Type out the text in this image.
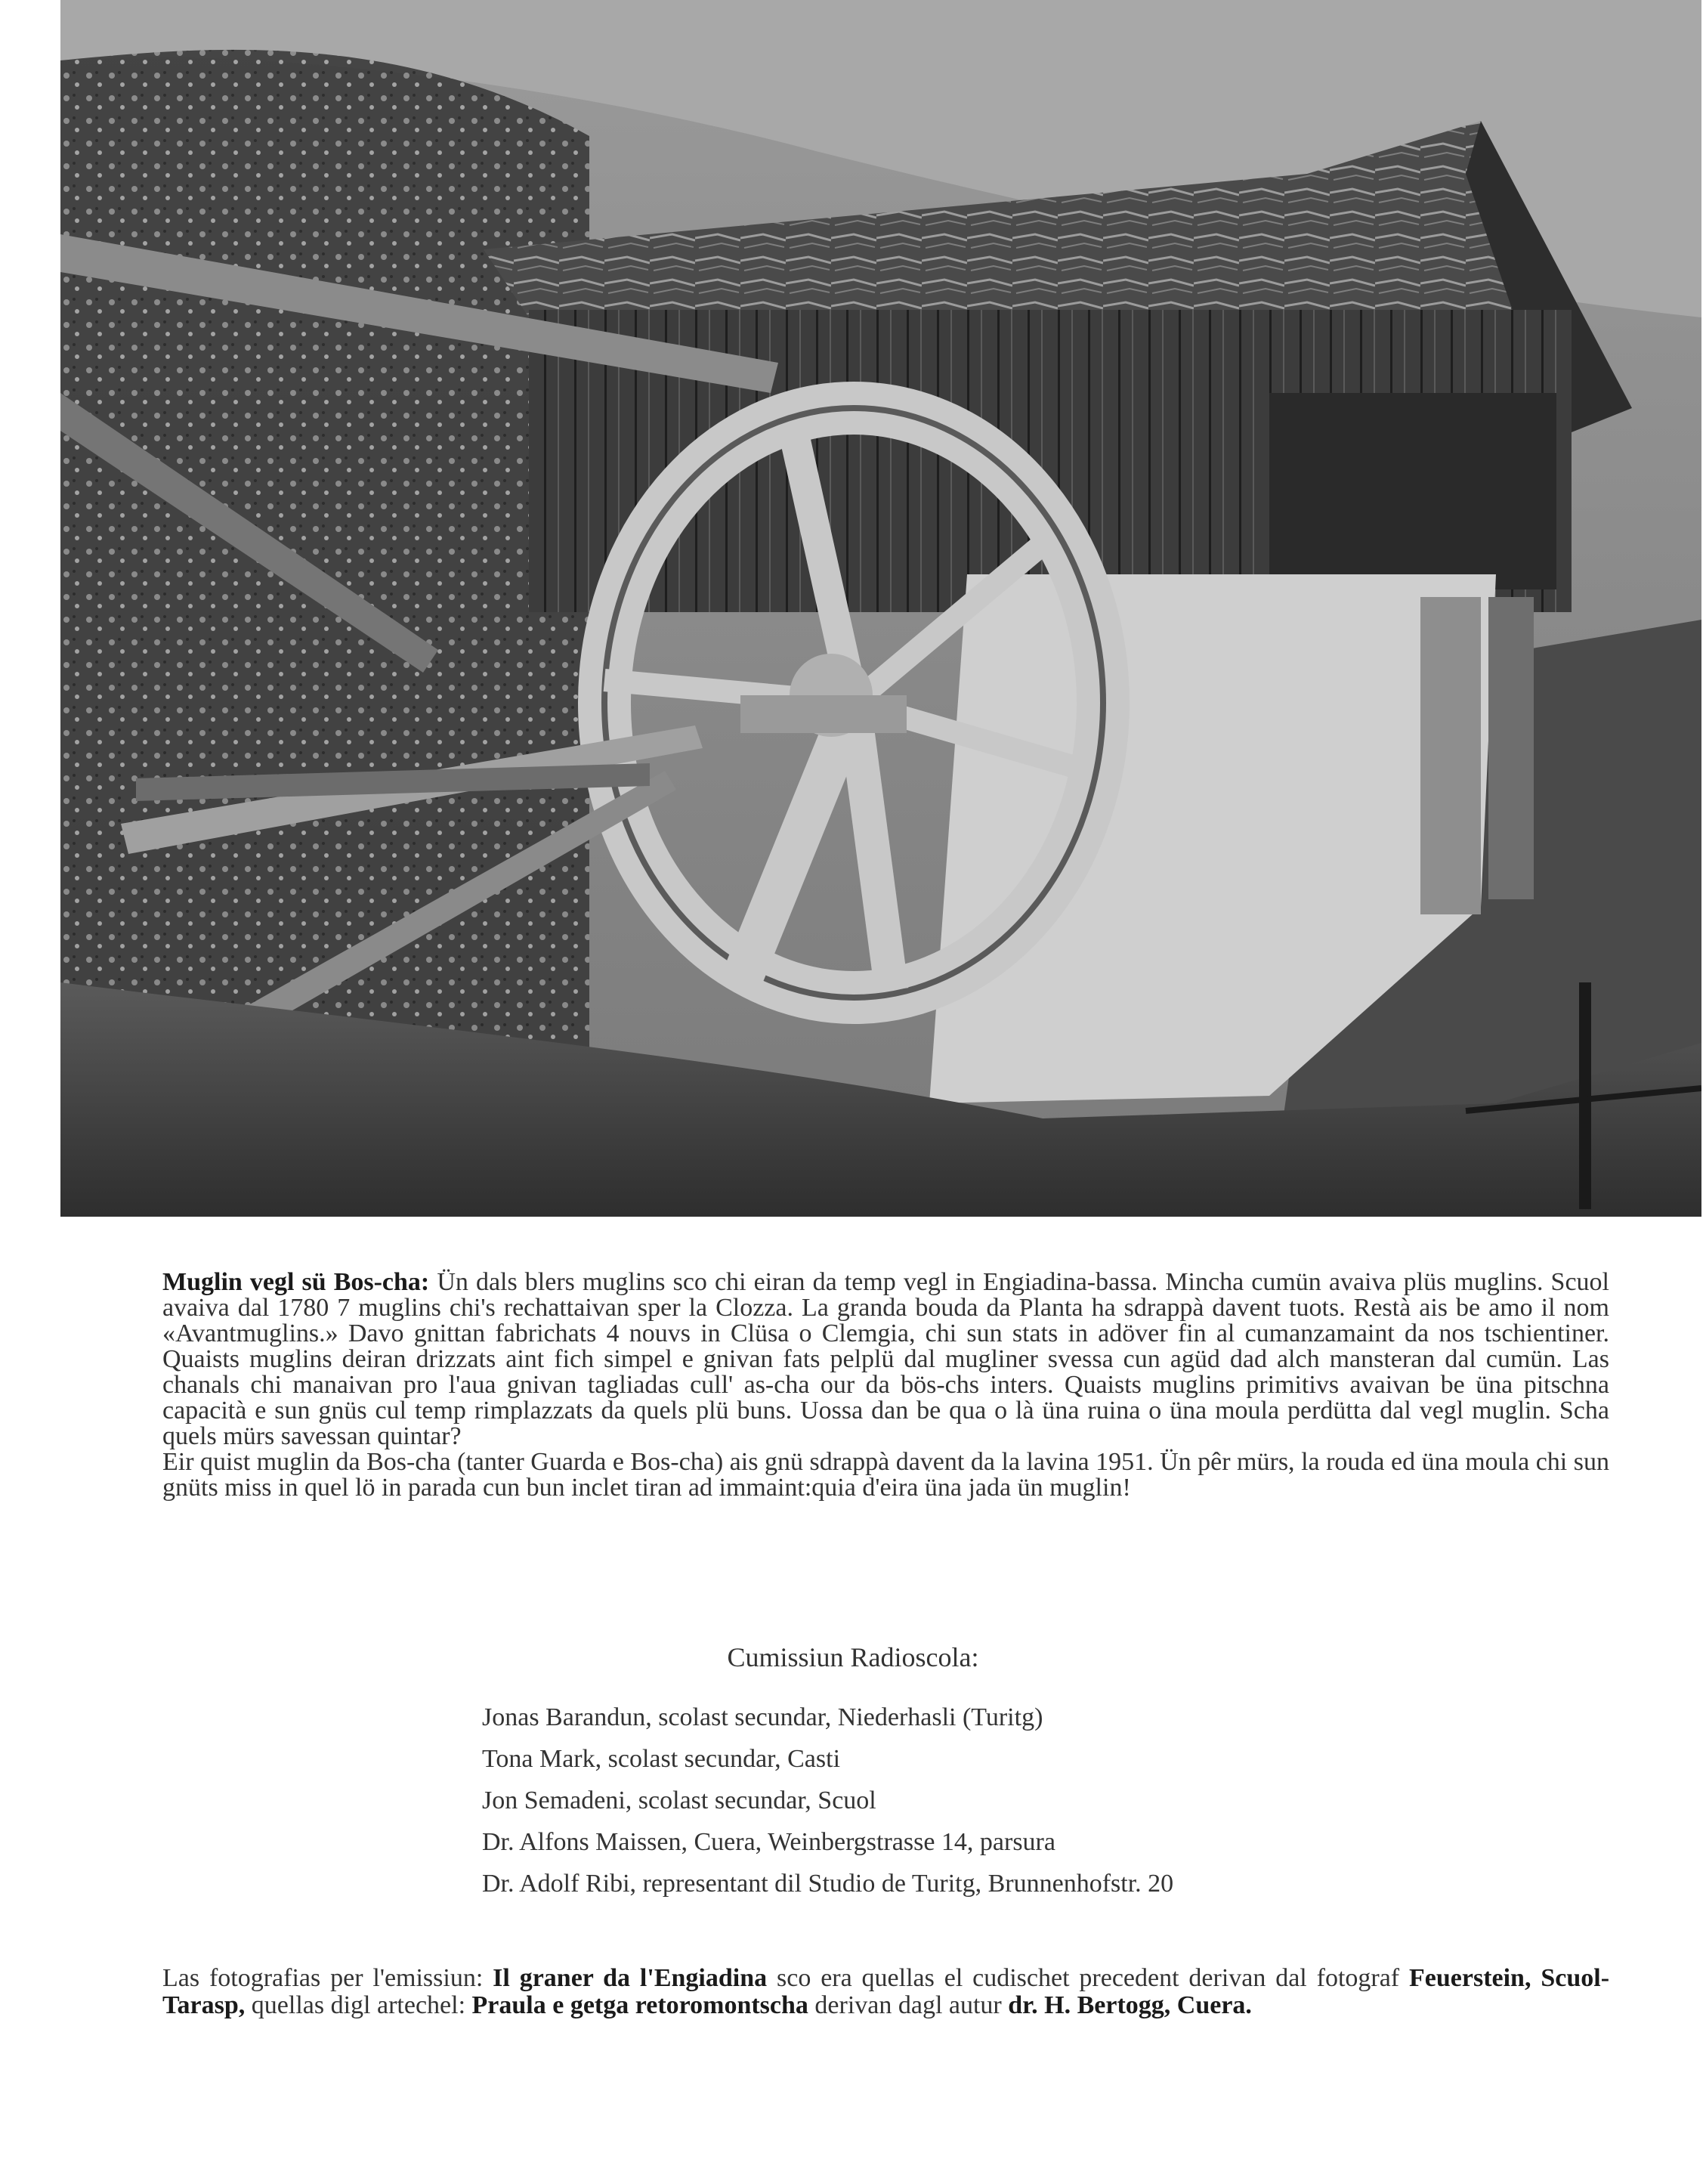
Muglin vegl sü Bos-cha: Ün dals blers muglins sco chi eiran da temp vegl in Engiadina-bassa. Mincha cumün avaiva plüs muglins. Scuol avaiva dal 1780 7 muglins chi's rechattaivan sper la Clozza. La granda bouda da Planta ha sdrappà davent tuots. Restà ais be amo il nom «Avantmuglins.» Davo gnittan fabrichats 4 nouvs in Clüsa o Clemgia, chi sun stats in adöver fin al cumanzamaint da nos tschientiner. Quaists muglins deiran drizzats aint fich simpel e gnivan fats pelplü dal mugliner svessa cun agüd dad alch mansteran dal cumün. Las chanals chi manaivan pro l'aua gnivan tagliadas cull' as-cha our da bös-chs inters. Quaists muglins primitivs avaivan be üna pitschna capacità e sun gnüs cul temp rimplazzats da quels plü buns. Uossa dan be qua o là üna ruina o üna moula perdütta dal vegl muglin. Scha quels mürs savessan quintar?

Eir quist muglin da Bos-cha (tanter Guarda e Bos-cha) ais gnü sdrappà davent da la lavina 1951. Ün pêr mürs, la rouda ed üna moula chi sun gnüts miss in quel lö in parada cun bun inclet tiran ad immaint:quia d'eira üna jada ün muglin!

Cumissiun Radioscola:
Jonas Barandun, scolast secundar, Niederhasli (Turitg)
Tona Mark, scolast secundar, Casti
Jon Semadeni, scolast secundar, Scuol
Dr. Alfons Maissen, Cuera, Weinbergstrasse 14, parsura
Dr. Adolf Ribi, representant dil Studio de Turitg, Brunnenhofstr. 20
Las fotografias per l'emissiun: Il graner da l'Engiadina sco era quellas el cudischet precedent derivan dal fotograf Feuerstein, Scuol-Tarasp, quellas digl artechel: Praula e getga retoromontscha derivan dagl autur dr. H. Bertogg, Cuera.
